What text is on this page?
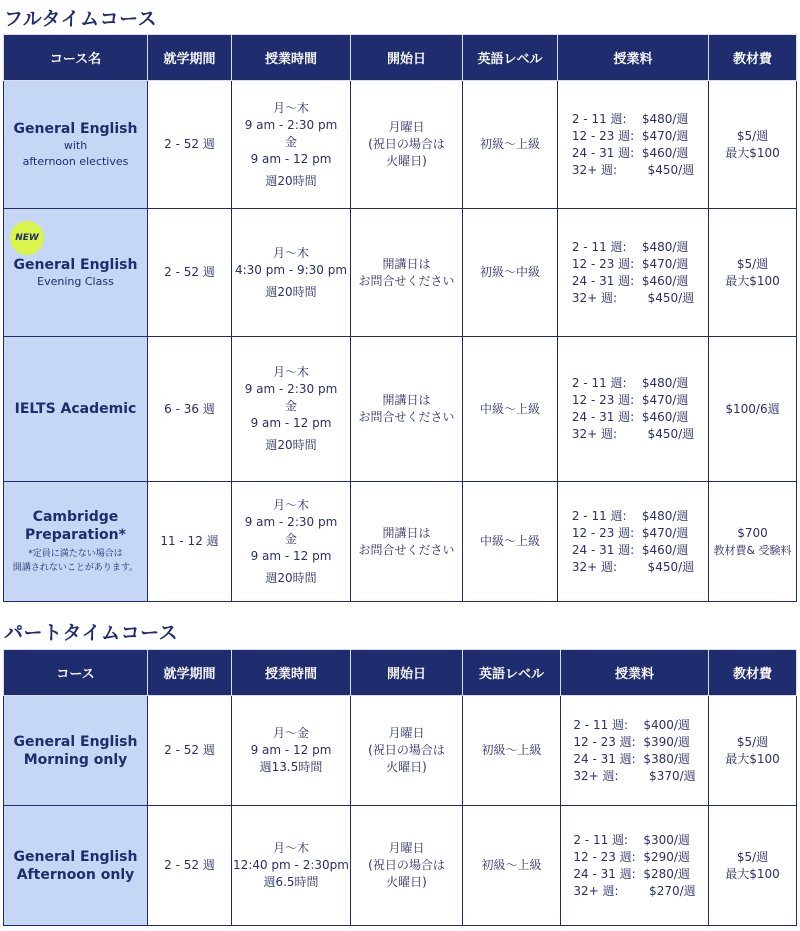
フルタイムコース
コース名	就学期間	授業時間	開始日	英語レベル	授業料	教材費

General English
with
afternoon electives	2 - 52 週	月～木
9 am - 2:30 pm
金
9 am - 12 pm
週20時間	月曜日
(祝日の場合は
火曜日)	初級～上級	2 - 11 週:    $480/週
12 - 23 週:  $470/週
24 - 31 週:  $460/週
32+ 週:        $450/週	$5/週
最大$100

NEW
General English
Evening Class	2 - 52 週	月～木
4:30 pm - 9:30 pm
週20時間	開講日は
お問合せください	初級～中級	2 - 11 週:    $480/週
12 - 23 週:  $470/週
24 - 31 週:  $460/週
32+ 週:        $450/週	$5/週
最大$100

IELTS Academic	6 - 36 週	月～木
9 am - 2:30 pm
金
9 am - 12 pm
週20時間	開講日は
お問合せください	中級～上級	2 - 11 週:    $480/週
12 - 23 週:  $470/週
24 - 31 週:  $460/週
32+ 週:        $450/週	$100/6週

Cambridge
Preparation*
*定員に満たない場合は
開講されないことがあります。	11 - 12 週	月～木
9 am - 2:30 pm
金
9 am - 12 pm
週20時間	開講日は
お問合せください	中級～上級	2 - 11 週:    $480/週
12 - 23 週:  $470/週
24 - 31 週:  $460/週
32+ 週:        $450/週	$700
教材費& 受験料
パートタイムコース
コース	就学期間	授業時間	開始日	英語レベル	授業料	教材費

General English
Morning only	2 - 52 週	月～金
9 am - 12 pm
週13.5時間	月曜日
(祝日の場合は
火曜日)	初級～上級	2 - 11 週:    $400/週
12 - 23 週:  $390/週
24 - 31 週:  $380/週
32+ 週:        $370/週	$5/週
最大$100

General English
Afternoon only	2 - 52 週	月～木
12:40 pm - 2:30pm
週6.5時間	月曜日
(祝日の場合は
火曜日)	初級～上級	2 - 11 週:    $300/週
12 - 23 週:  $290/週
24 - 31 週:  $280/週
32+ 週:        $270/週	$5/週
最大$100
